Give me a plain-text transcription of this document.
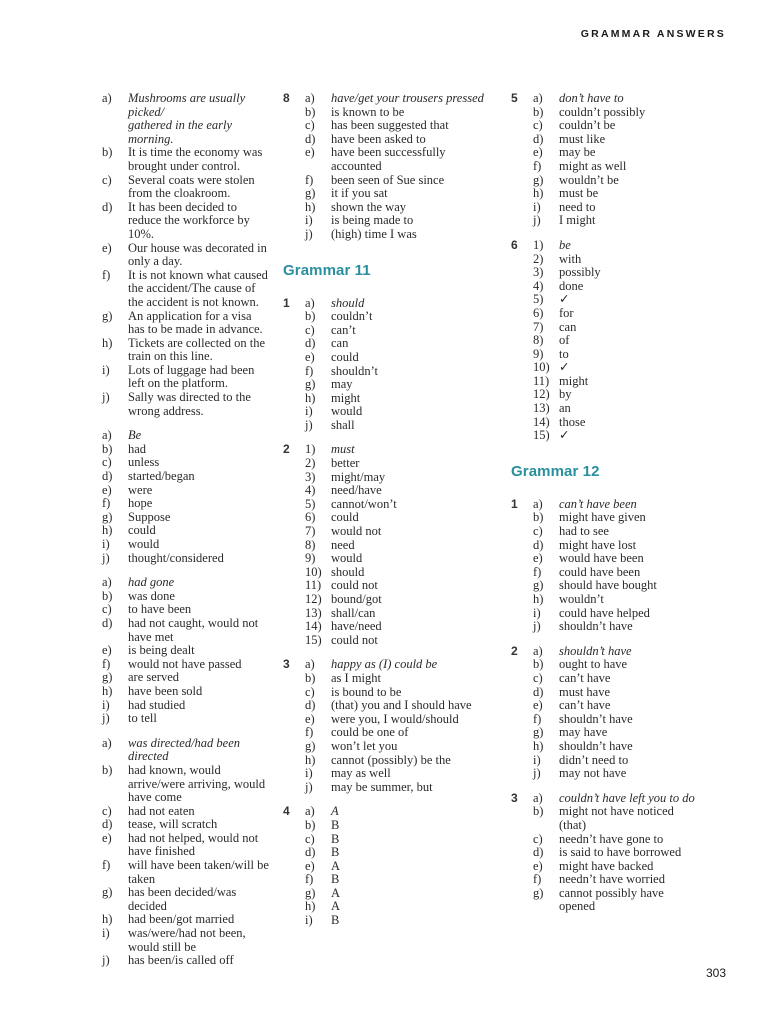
GRAMMAR ANSWERS
a)	Mushrooms are usually picked/
gathered in the early morning.
b)	It is time the economy was
brought under control.
c)	Several coats were stolen
from the cloakroom.
d)	It has been decided to
reduce the workforce by
10%.
e)	Our house was decorated in
only a day.
f)	It is not known what caused
the accident/The cause of
the accident is not known.
g)	An application for a visa
has to be made in advance.
h)	Tickets are collected on the
train on this line.
i)	Lots of luggage had been
left on the platform.
j)	Sally was directed to the
wrong address.
a)	Be
b)	had
c)	unless
d)	started/began
e)	were
f)	hope
g)	Suppose
h)	could
i)	would
j)	thought/considered
a)	had gone
b)	was done
c)	to have been
d)	had not caught, would not
have met
e)	is being dealt
f)	would not have passed
g)	are served
h)	have been sold
i)	had studied
j)	to tell
a)	was directed/had been directed
b)	had known, would
arrive/were arriving, would
have come
c)	had not eaten
d)	tease, will scratch
e)	had not helped, would not
have finished
f)	will have been taken/will be
taken
g)	has been decided/was
decided
h)	had been/got married
i)	was/were/had not been,
would still be
j)	has been/is called off
8	a)	have/get your trousers pressed
b)	is known to be
c)	has been suggested that
d)	have been asked to
e)	have been successfully
accounted
f)	been seen of Sue since
g)	it if you sat
h)	shown the way
i)	is being made to
j)	(high) time I was
Grammar 11
1	a)	should
b)	couldn’t
c)	can’t
d)	can
e)	could
f)	shouldn’t
g)	may
h)	might
i)	would
j)	shall
2	1)	must
2)	better
3)	might/may
4)	need/have
5)	cannot/won’t
6)	could
7)	would not
8)	need
9)	would
10) should
11) could not
12) bound/got
13) shall/can
14) have/need
15) could not
3	a)	happy as (I) could be
b)	as I might
c)	is bound to be
d)	(that) you and I should have
e)	were you, I would/should
f)	could be one of
g)	won’t let you
h)	cannot (possibly) be the
i)	may as well
j)	may be summer, but
4	a)	A
b)	B
c)	B
d)	B
e)	A
f)	B
g)	A
h)	A
i)	B
5	a)	don’t have to
b)	couldn’t possibly
c)	couldn’t be
d)	must like
e)	may be
f)	might as well
g)	wouldn’t be
h)	must be
i)	need to
j)	I might
6	1)	be
2)	with
3)	possibly
4)	done
5)	✓
6)	for
7)	can
8)	of
9)	to
10) ✓
11) might
12) by
13) an
14) those
15) ✓
Grammar 12
1	a)	can’t have been
b)	might have given
c)	had to see
d)	might have lost
e)	would have been
f)	could have been
g)	should have bought
h)	wouldn’t
i)	could have helped
j)	shouldn’t have
2	a)	shouldn’t have
b)	ought to have
c)	can’t have
d)	must have
e)	can’t have
f)	shouldn’t have
g)	may have
h)	shouldn’t have
i)	didn’t need to
j)	may not have
3	a)	couldn’t have left you to do
b)	might not have noticed
(that)
c)	needn’t have gone to
d)	is said to have borrowed
e)	might have backed
f)	needn’t have worried
g)	cannot possibly have
opened
303
